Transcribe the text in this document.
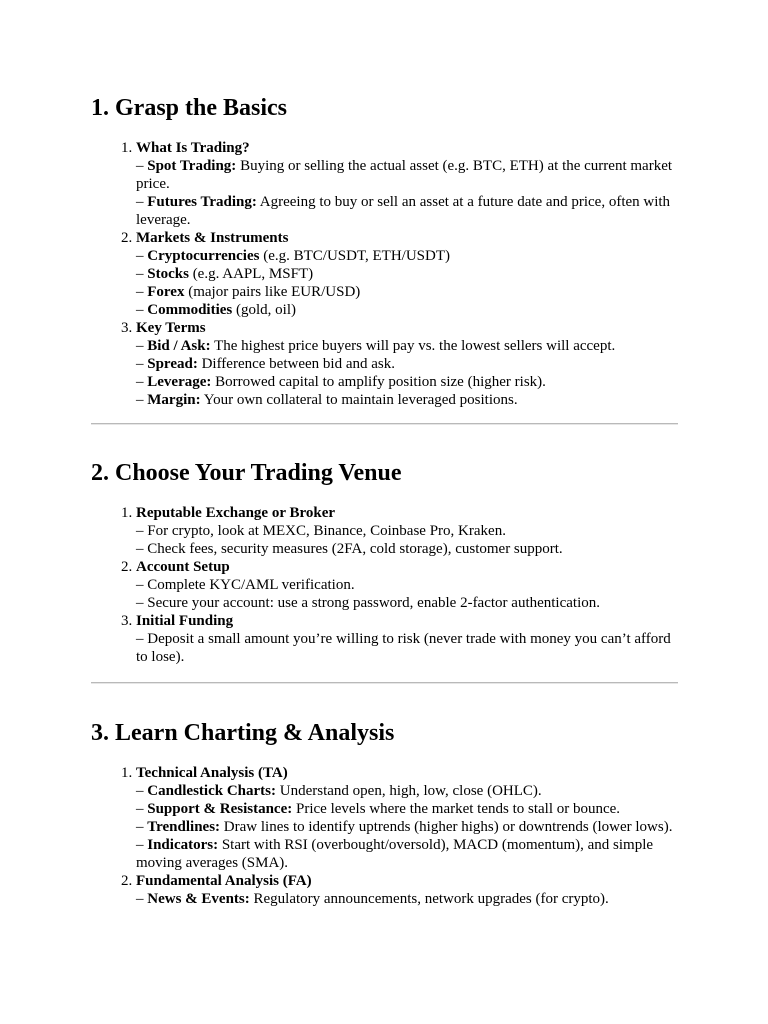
1. Grasp the Basics
1. What Is Trading?
– Spot Trading: Buying or selling the actual asset (e.g. BTC, ETH) at the current market price.
– Futures Trading: Agreeing to buy or sell an asset at a future date and price, often with leverage.
2. Markets & Instruments
– Cryptocurrencies (e.g. BTC/USDT, ETH/USDT)
– Stocks (e.g. AAPL, MSFT)
– Forex (major pairs like EUR/USD)
– Commodities (gold, oil)
3. Key Terms
– Bid / Ask: The highest price buyers will pay vs. the lowest sellers will accept.
– Spread: Difference between bid and ask.
– Leverage: Borrowed capital to amplify position size (higher risk).
– Margin: Your own collateral to maintain leveraged positions.
2. Choose Your Trading Venue
1. Reputable Exchange or Broker
– For crypto, look at MEXC, Binance, Coinbase Pro, Kraken.
– Check fees, security measures (2FA, cold storage), customer support.
2. Account Setup
– Complete KYC/AML verification.
– Secure your account: use a strong password, enable 2-factor authentication.
3. Initial Funding
– Deposit a small amount you’re willing to risk (never trade with money you can’t afford to lose).
3. Learn Charting & Analysis
1. Technical Analysis (TA)
– Candlestick Charts: Understand open, high, low, close (OHLC).
– Support & Resistance: Price levels where the market tends to stall or bounce.
– Trendlines: Draw lines to identify uptrends (higher highs) or downtrends (lower lows).
– Indicators: Start with RSI (overbought/oversold), MACD (momentum), and simple moving averages (SMA).
2. Fundamental Analysis (FA)
– News & Events: Regulatory announcements, network upgrades (for crypto).
